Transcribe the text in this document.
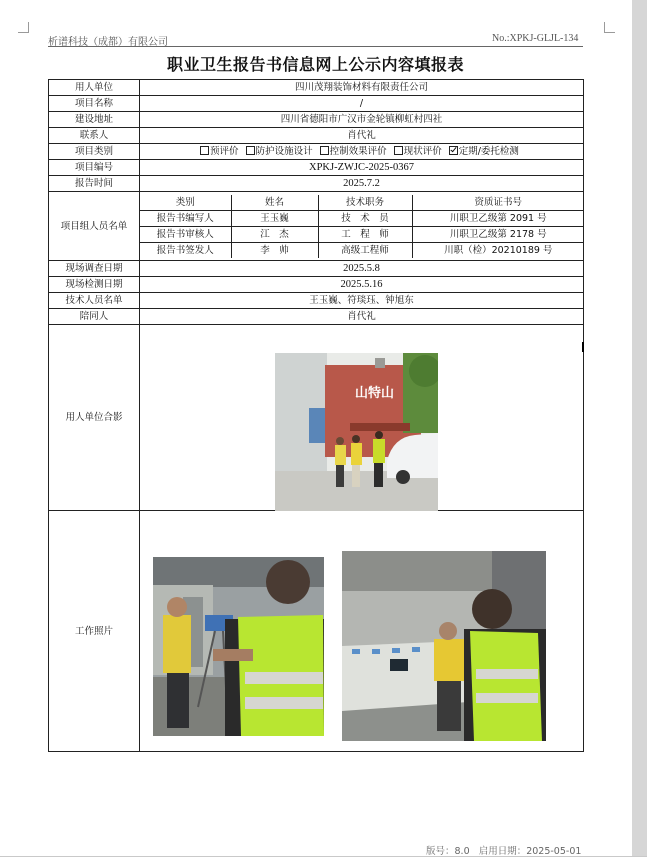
析谱科技（成都）有限公司	No.:XPKJ-GLJL-134
职业卫生报告书信息网上公示内容填报表
用人单位	四川茂翔装饰材料有限责任公司
项目名称	/
建设地址	四川省德阳市广汉市金轮镇柳虹村四社
联系人	肖代礼
项目类别	预评价 防护设施设计 控制效果评价 现状评价 定期/委托检测
项目编号	XPKJ-ZWJC-2025-0367
报告时间	2025.7.2
项目组人员名单	
类别	姓名	技术职务	资质证书号
报告书编写人	王玉巍	技　术　员	川职卫乙级第 2091 号
报告书审核人	江　杰	工　程　师	川职卫乙级第 2178 号
报告书签发人	李　帅	高级工程师	川职（检）20210189 号

现场调查日期	2025.5.8
现场检测日期	2025.5.16
技术人员名单	王玉巍、符琰珏、钟旭东
陪同人	肖代礼
用人单位合影	
工作照片	
山特山
版号：8.0 启用日期：2025-05-01
